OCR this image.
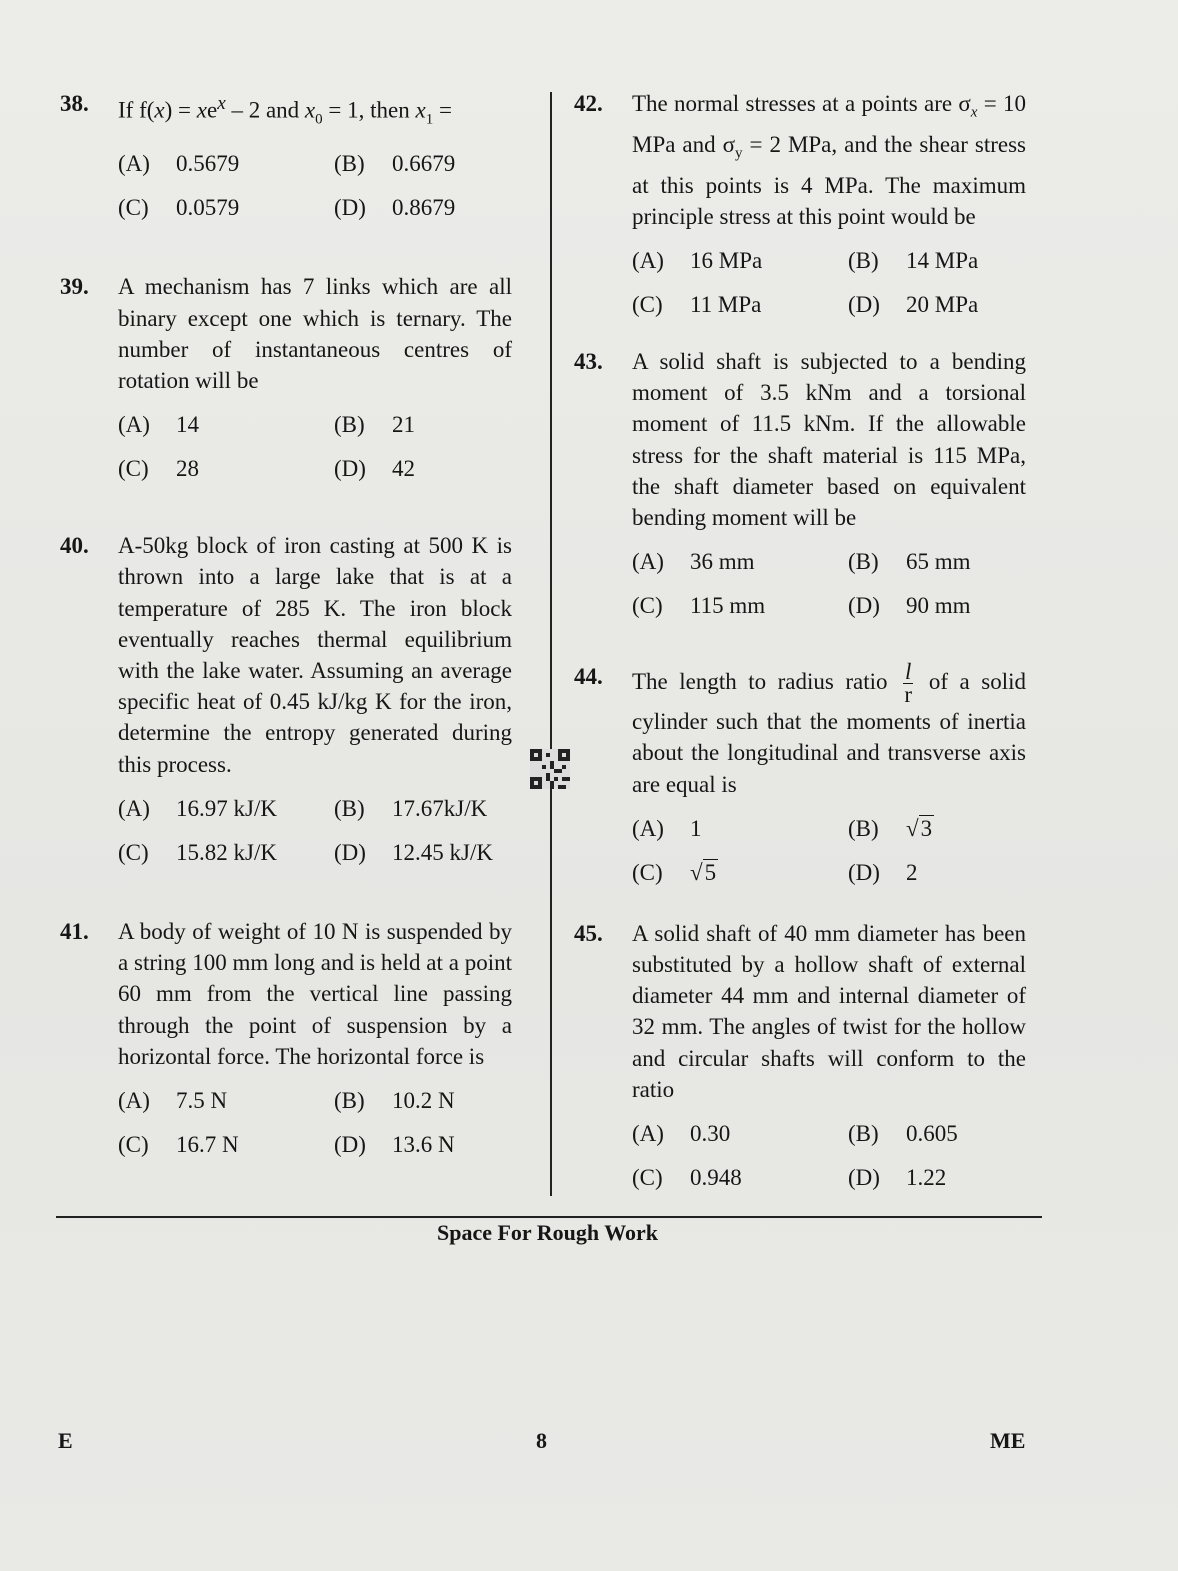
38. If $f(x) = xe^x - 2$ and $x_0 = 1$, then $x_1$ =

(A) 0.5679	(B) 0.6679
(C) 0.0579	(D) 0.8679
39. A mechanism has 7 links which are all binary except one which is ternary. The number of instantaneous centres of rotation will be

(A) 14	(B) 21
(C) 28	(D) 42
40. A-50kg block of iron casting at 500 K is thrown into a large lake that is at a temperature of 285 K. The iron block eventually reaches thermal equilibrium with the lake water. Assuming an average specific heat of 0.45 kJ/kg K for the iron, determine the entropy generated during this process.

(A) 16.97 kJ/K	(B) 17.67kJ/K
(C) 15.82 kJ/K	(D) 12.45 kJ/K
41. A body of weight of 10 N is suspended by a string 100 mm long and is held at a point 60 mm from the vertical line passing through the point of suspension by a horizontal force. The horizontal force is

(A) 7.5 N	(B) 10.2 N
(C) 16.7 N	(D) 13.6 N
42. The normal stresses at a points are $\sigma_x = 10$ MPa and $\sigma_y = 2$ MPa, and the shear stress at this points is 4 MPa. The maximum principle stress at this point would be

(A) 16 MPa	(B) 14 MPa
(C) 11 MPa	(D) 20 MPa
43. A solid shaft is subjected to a bending moment of 3.5 kNm and a torsional moment of 11.5 kNm. If the allowable stress for the shaft material is 115 MPa, the shaft diameter based on equivalent bending moment will be

(A) 36 mm	(B) 65 mm
(C) 115 mm	(D) 90 mm
44. The length to radius ratio $\frac{l}{r}$ of a solid cylinder such that the moments of inertia about the longitudinal and transverse axis are equal is

(A) 1	(B) √3
(C) √5	(D) 2
45. A solid shaft of 40 mm diameter has been substituted by a hollow shaft of external diameter 44 mm and internal diameter of 32 mm. The angles of twist for the hollow and circular shafts will conform to the ratio

(A) 0.30	(B) 0.605
(C) 0.948	(D) 1.22
Space For Rough Work
E	8	ME
